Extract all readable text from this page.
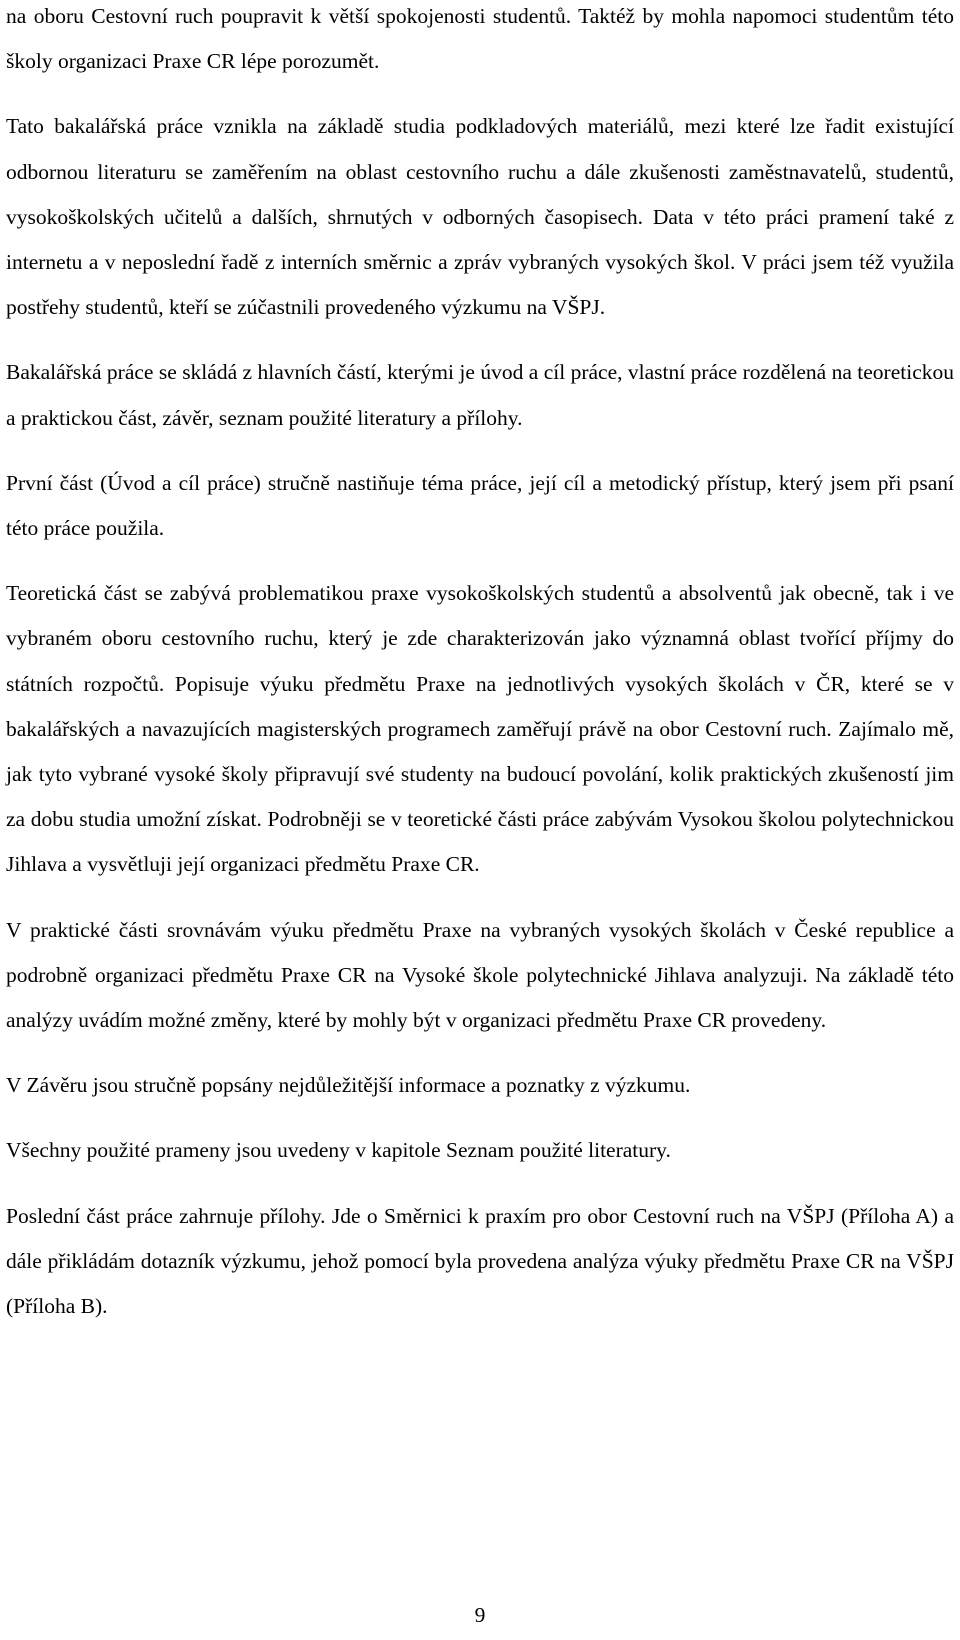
na oboru Cestovní ruch poupravit k větší spokojenosti studentů. Taktéž by mohla napomoci studentům této školy organizaci Praxe CR lépe porozumět.

Tato bakalářská práce vznikla na základě studia podkladových materiálů, mezi které lze řadit existující odbornou literaturu se zaměřením na oblast cestovního ruchu a dále zkušenosti zaměstnavatelů, studentů, vysokoškolských učitelů a dalších, shrnutých v odborných časopisech. Data v této práci pramení také z internetu a v neposlední řadě z interních směrnic a zpráv vybraných vysokých škol. V práci jsem též využila postřehy studentů, kteří se zúčastnili provedeného výzkumu na VŠPJ.

Bakalářská práce se skládá z hlavních částí, kterými je úvod a cíl práce, vlastní práce rozdělená na teoretickou a praktickou část, závěr, seznam použité literatury a přílohy.

První část (Úvod a cíl práce) stručně nastiňuje téma práce, její cíl a metodický přístup, který jsem při psaní této práce použila.

Teoretická část se zabývá problematikou praxe vysokoškolských studentů a absolventů jak obecně, tak i ve vybraném oboru cestovního ruchu, který je zde charakterizován jako významná oblast tvořící příjmy do státních rozpočtů. Popisuje výuku předmětu Praxe na jednotlivých vysokých školách v ČR, které se v bakalářských a navazujících magisterských programech zaměřují právě na obor Cestovní ruch. Zajímalo mě, jak tyto vybrané vysoké školy připravují své studenty na budoucí povolání, kolik praktických zkušeností jim za dobu studia umožní získat. Podrobněji se v teoretické části práce zabývám Vysokou školou polytechnickou Jihlava a vysvětluji její organizaci předmětu Praxe CR.

V praktické části srovnávám výuku předmětu Praxe na vybraných vysokých školách v České republice a podrobně organizaci předmětu Praxe CR na Vysoké škole polytechnické Jihlava analyzuji. Na základě této analýzy uvádím možné změny, které by mohly být v organizaci předmětu Praxe CR provedeny.

V Závěru jsou stručně popsány nejdůležitější informace a poznatky z výzkumu.

Všechny použité prameny jsou uvedeny v kapitole Seznam použité literatury.

Poslední část práce zahrnuje přílohy. Jde o Směrnici k praxím pro obor Cestovní ruch na VŠPJ (Příloha A) a dále přikládám dotazník výzkumu, jehož pomocí byla provedena analýza výuky předmětu Praxe CR na VŠPJ (Příloha B).

9
